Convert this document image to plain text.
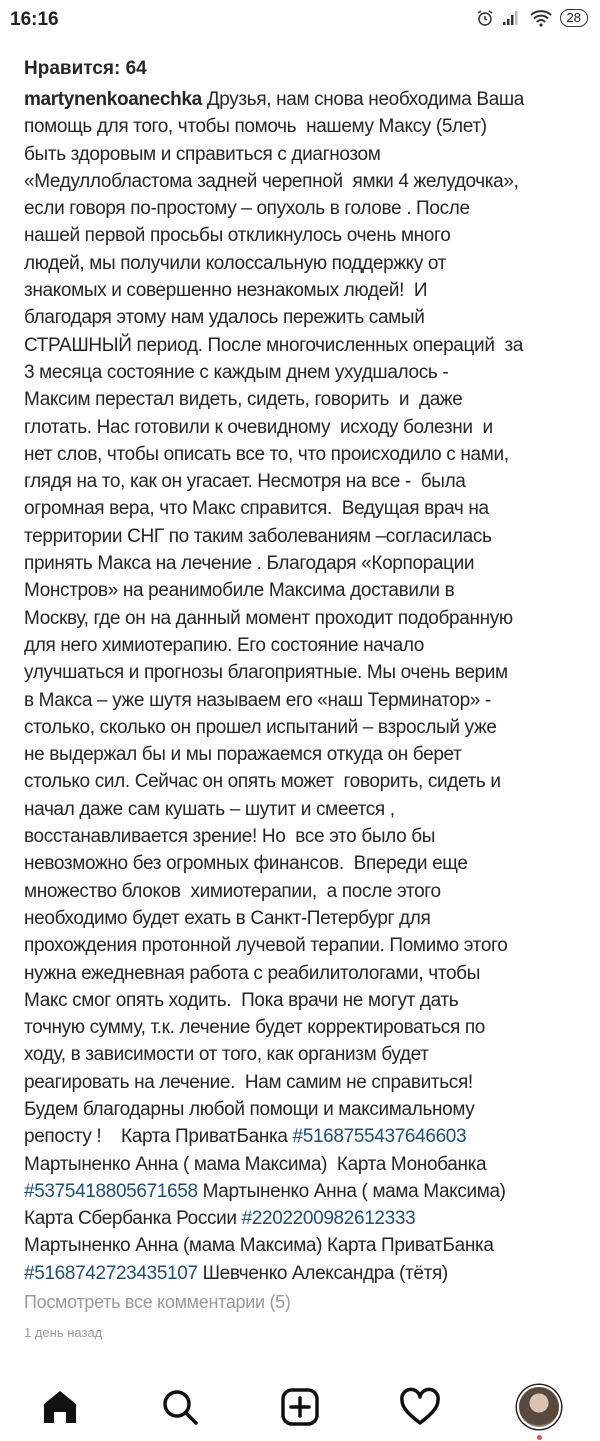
16:16	28
Нравится: 64
martynenkoanechka Друзья, нам снова необходима Ваша
помощь для того, чтобы помочь  нашему Максу (5лет)
быть здоровым и справиться с диагнозом
«Медуллобластома задней черепной  ямки 4 желудочка»,
если говоря по-простому – опухоль в голове . После
нашей первой просьбы откликнулось очень много
людей, мы получили колоссальную поддержку от
знакомых и совершенно незнакомых людей!  И
благодаря этому нам удалось пережить самый
СТРАШНЫЙ период. После многочисленных операций  за
3 месяца состояние с каждым днем ухудшалось -
Максим перестал видеть, сидеть, говорить  и  даже
глотать. Нас готовили к очевидному  исходу болезни  и
нет слов, чтобы описать все то, что происходило с нами,
глядя на то, как он угасает. Несмотря на все -  была
огромная вера, что Макс справится.  Ведущая врач на
территории СНГ по таким заболеваниям –согласилась
принять Макса на лечение . Благодаря «Корпорации
Монстров» на реанимобиле Максима доставили в
Москву, где он на данный момент проходит подобранную
для него химиотерапию. Его состояние начало
улучшаться и прогнозы благоприятные. Мы очень верим
в Макса – уже шутя называем его «наш Терминатор» -
столько, сколько он прошел испытаний – взрослый уже
не выдержал бы и мы поражаемся откуда он берет
столько сил. Сейчас он опять может  говорить, сидеть и
начал даже сам кушать – шутит и смеется ,
восстанавливается зрение! Но  все это было бы
невозможно без огромных финансов.  Впереди еще
множество блоков  химиотерапии,  а после этого
необходимо будет ехать в Санкт-Петербург для
прохождения протонной лучевой терапии. Помимо этого
нужна ежедневная работа с реабилитологами, чтобы
Макс смог опять ходить.  Пока врачи не могут дать
точную сумму, т.к. лечение будет корректироваться по
ходу, в зависимости от того, как организм будет
реагировать на лечение.  Нам самим не справиться!
Будем благодарны любой помощи и максимальному
репосту !    Карта ПриватБанка #5168755437646603
Мартыненко Анна ( мама Максима)  Карта Монобанка
#5375418805671658 Мартыненко Анна ( мама Максима)
Карта Сбербанка России #2202200982612333
Мартыненко Анна (мама Максима) Карта ПриватБанка
#5168742723435107 Шевченко Александра (тётя)
Посмотреть все комментарии (5)
1 день назад
